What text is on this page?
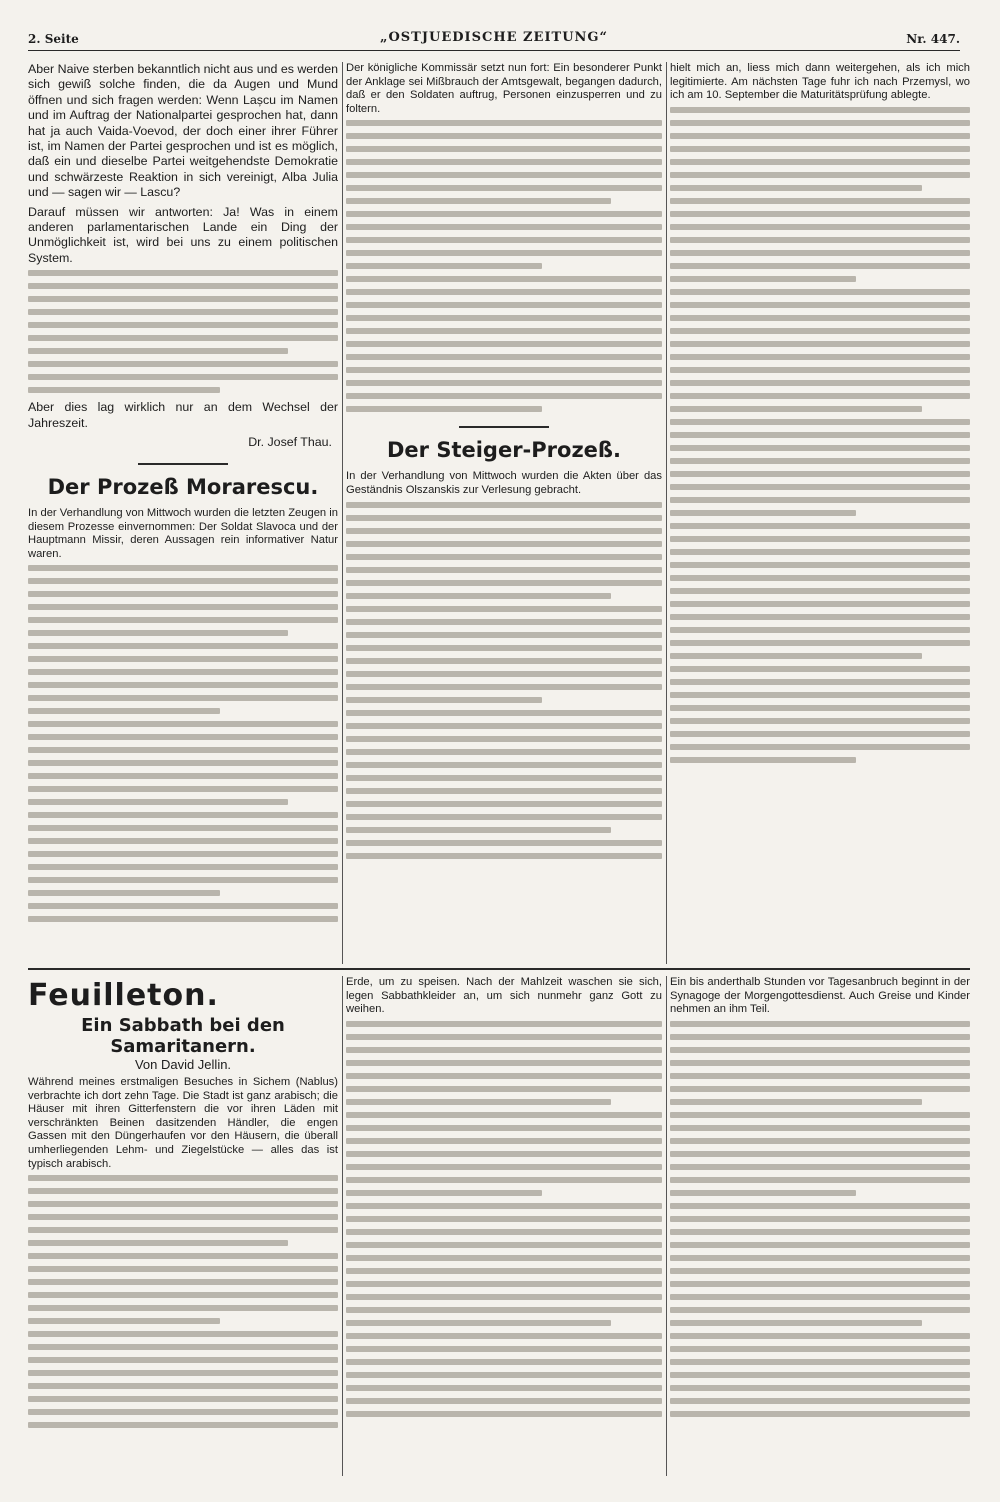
2. Seite	„OSTJUEDISCHE ZEITUNG“	Nr. 447.

Aber Naive sterben bekanntlich nicht aus und es werden sich gewiß solche finden, die da Augen und Mund öffnen und sich fragen werden: Wenn Lașcu im Namen und im Auftrag der Nationalpartei gesprochen hat, dann hat ja auch Vaida-Voevod, der doch einer ihrer Führer ist, im Namen der Partei gesprochen und ist es möglich, daß ein und dieselbe Partei weitgehendste Demokratie und schwärzeste Reaktion in sich vereinigt, Alba Julia und — sagen wir — Lascu?

Darauf müssen wir antworten: Ja! Was in einem anderen parlamentarischen Lande ein Ding der Unmöglichkeit ist, wird bei uns zu einem politischen System.

Aber dies lag wirklich nur an dem Wechsel der Jahreszeit.

Dr. Josef Thau.
Der Prozeß Morarescu.

In der Verhandlung von Mittwoch wurden die letzten Zeugen in diesem Prozesse einvernommen: Der Soldat Slavoca und der Hauptmann Missir, deren Aussagen rein informativer Natur waren.

Der königliche Kommissär setzt nun fort: Ein besonderer Punkt der Anklage sei Mißbrauch der Amtsgewalt, begangen dadurch, daß er den Soldaten auftrug, Personen einzusperren und zu foltern.

Der Steiger-Prozeß.

In der Verhandlung von Mittwoch wurden die Akten über das Geständnis Olszanskis zur Verlesung gebracht.

hielt mich an, liess mich dann weitergehen, als ich mich legitimierte. Am nächsten Tage fuhr ich nach Przemysl, wo ich am 10. September die Maturitätsprüfung ablegte.

Feuilleton.
Ein Sabbath bei den Samaritanern.
Von David Jellin.

Während meines erstmaligen Besuches in Sichem (Nablus) verbrachte ich dort zehn Tage. Die Stadt ist ganz arabisch; die Häuser mit ihren Gitterfenstern die vor ihren Läden mit verschränkten Beinen dasitzenden Händler, die engen Gassen mit den Düngerhaufen vor den Häusern, die überall umherliegenden Lehm- und Ziegelstücke — alles das ist typisch arabisch.

Erde, um zu speisen. Nach der Mahlzeit waschen sie sich, legen Sabbathkleider an, um sich nunmehr ganz Gott zu weihen.

Ein bis anderthalb Stunden vor Tagesanbruch beginnt in der Synagoge der Morgengottesdienst. Auch Greise und Kinder nehmen an ihm Teil.
